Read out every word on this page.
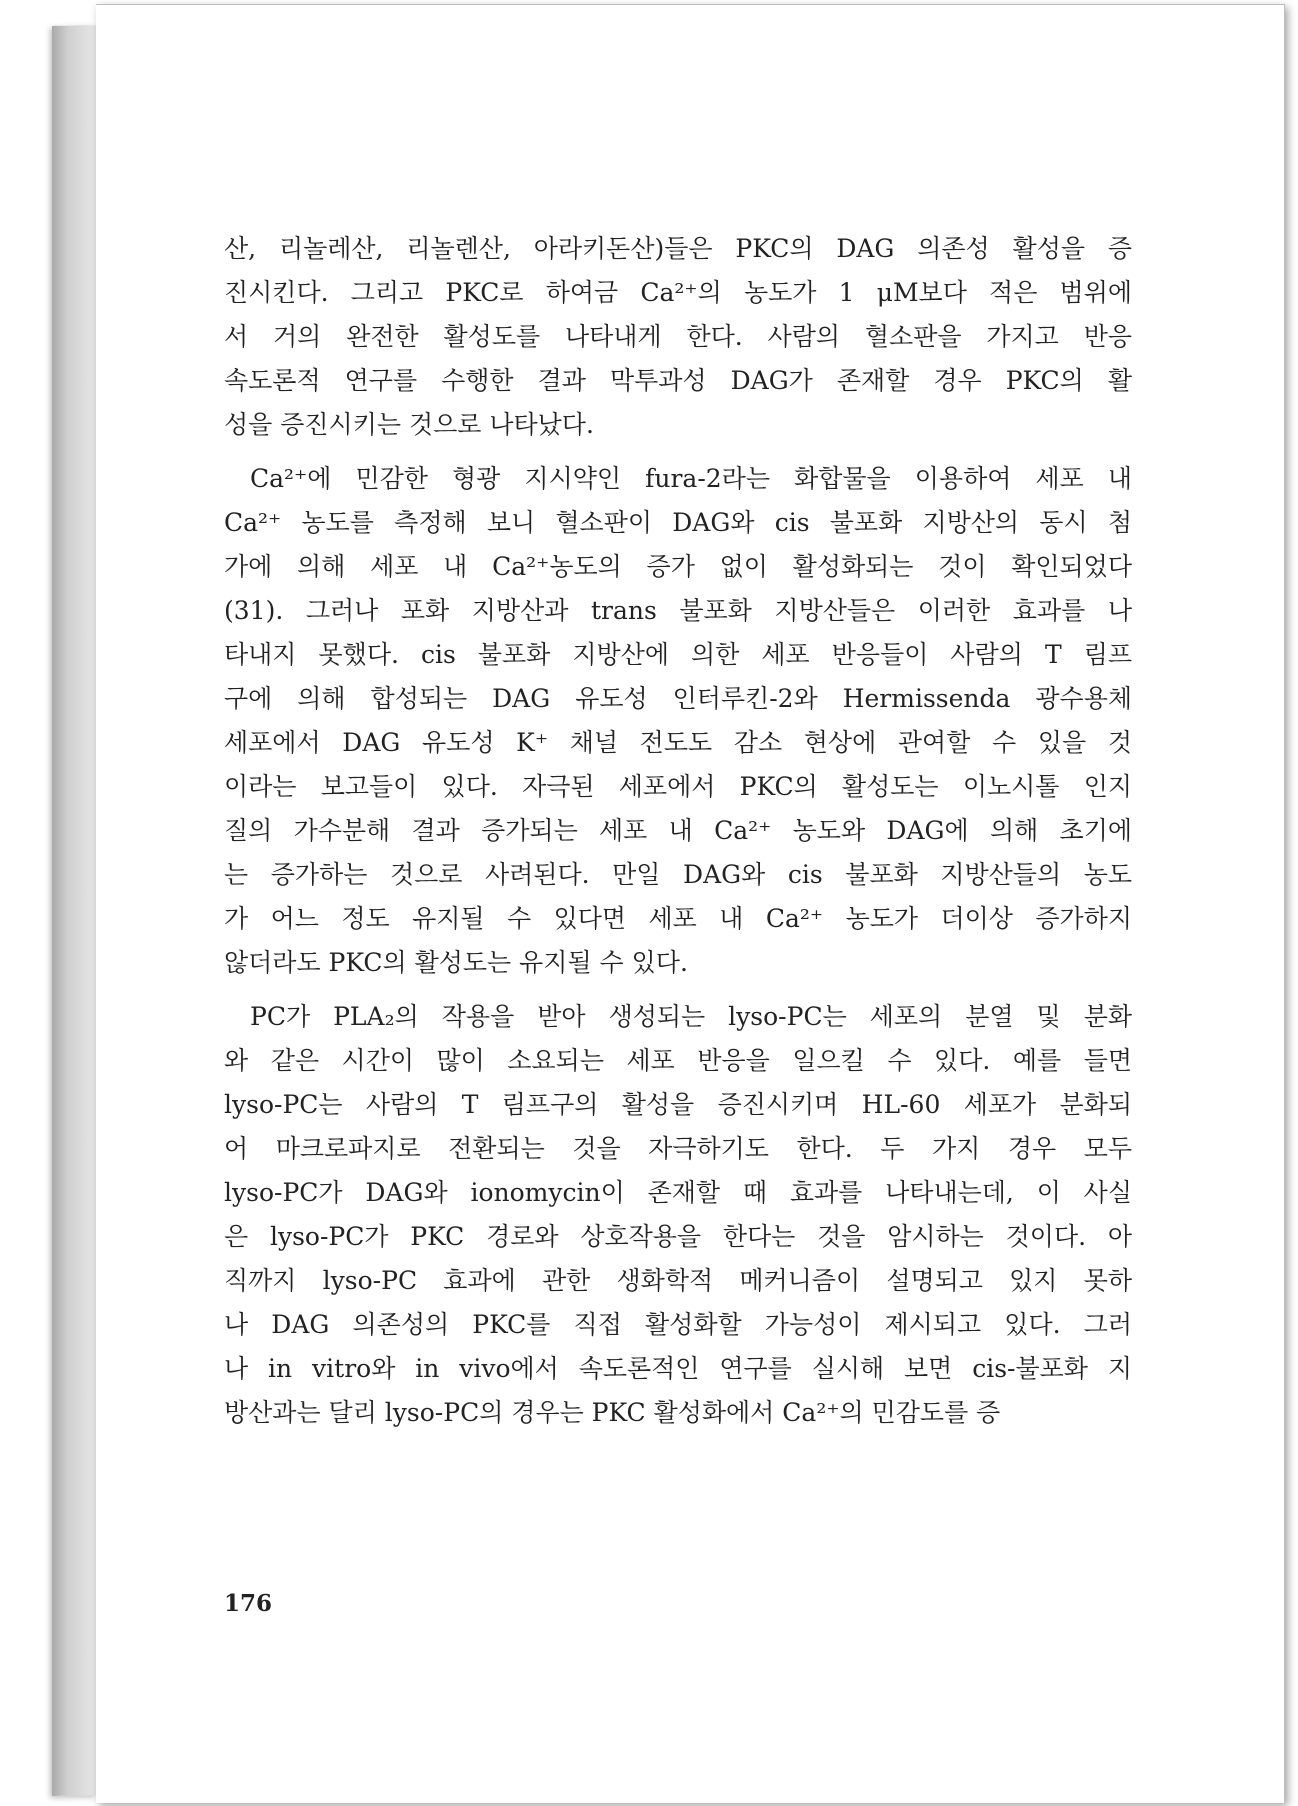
산, 리놀레산, 리놀렌산, 아라키돈산)들은 PKC의 DAG 의존성 활성을 증
진시킨다. 그리고 PKC로 하여금 Ca²⁺의 농도가 1 μM보다 적은 범위에
서 거의 완전한 활성도를 나타내게 한다. 사람의 혈소판을 가지고 반응
속도론적 연구를 수행한 결과 막투과성 DAG가 존재할 경우 PKC의 활
성을 증진시키는 것으로 나타났다.
Ca²⁺에 민감한 형광 지시약인 fura-2라는 화합물을 이용하여 세포 내
Ca²⁺ 농도를 측정해 보니 혈소판이 DAG와 cis 불포화 지방산의 동시 첨
가에 의해 세포 내 Ca²⁺농도의 증가 없이 활성화되는 것이 확인되었다
(31). 그러나 포화 지방산과 trans 불포화 지방산들은 이러한 효과를 나
타내지 못했다. cis 불포화 지방산에 의한 세포 반응들이 사람의 T 림프
구에 의해 합성되는 DAG 유도성 인터루킨-2와 Hermissenda 광수용체
세포에서 DAG 유도성 K⁺ 채널 전도도 감소 현상에 관여할 수 있을 것
이라는 보고들이 있다. 자극된 세포에서 PKC의 활성도는 이노시톨 인지
질의 가수분해 결과 증가되는 세포 내 Ca²⁺ 농도와 DAG에 의해 초기에
는 증가하는 것으로 사려된다. 만일 DAG와 cis 불포화 지방산들의 농도
가 어느 정도 유지될 수 있다면 세포 내 Ca²⁺ 농도가 더이상 증가하지
않더라도 PKC의 활성도는 유지될 수 있다.
PC가 PLA₂의 작용을 받아 생성되는 lyso-PC는 세포의 분열 및 분화
와 같은 시간이 많이 소요되는 세포 반응을 일으킬 수 있다. 예를 들면
lyso-PC는 사람의 T 림프구의 활성을 증진시키며 HL-60 세포가 분화되
어 마크로파지로 전환되는 것을 자극하기도 한다. 두 가지 경우 모두
lyso-PC가 DAG와 ionomycin이 존재할 때 효과를 나타내는데, 이 사실
은 lyso-PC가 PKC 경로와 상호작용을 한다는 것을 암시하는 것이다. 아
직까지 lyso-PC 효과에 관한 생화학적 메커니즘이 설명되고 있지 못하
나 DAG 의존성의 PKC를 직접 활성화할 가능성이 제시되고 있다. 그러
나 in vitro와 in vivo에서 속도론적인 연구를 실시해 보면 cis-불포화 지
방산과는 달리 lyso-PC의 경우는 PKC 활성화에서 Ca²⁺의 민감도를 증
176
